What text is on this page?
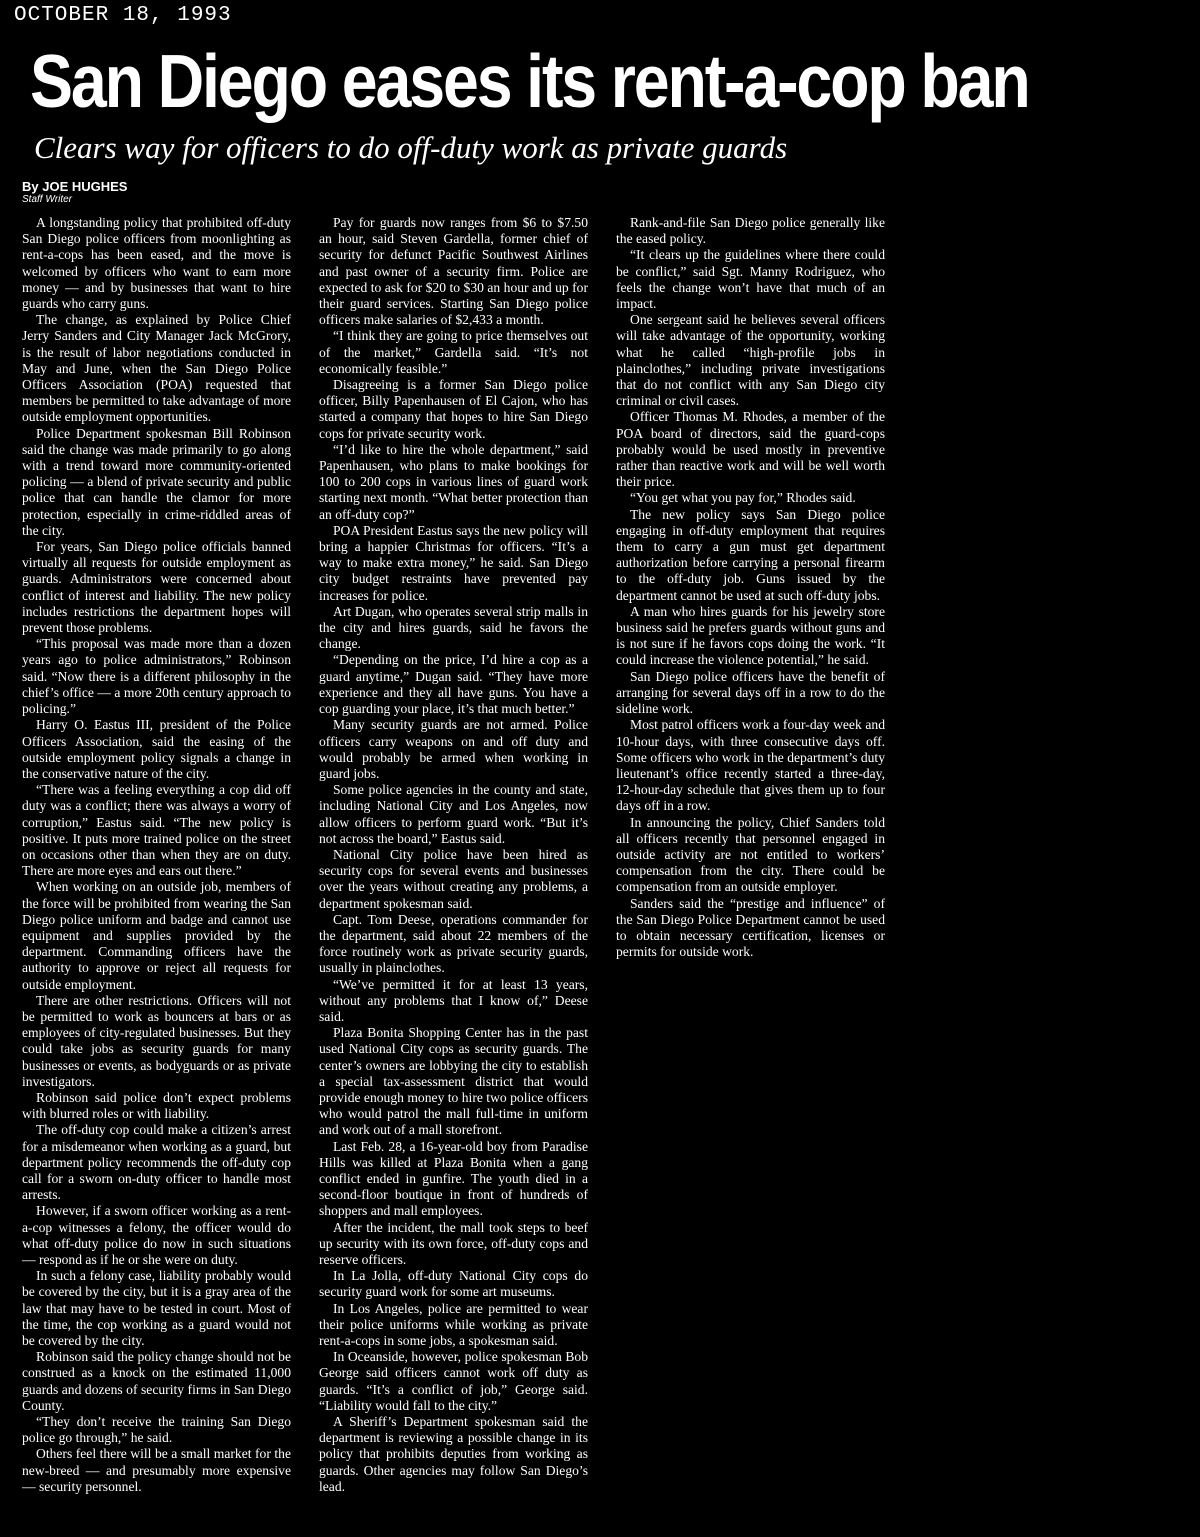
OCTOBER 18, 1993
San Diego eases its rent-a-cop ban
Clears way for officers to do off-duty work as private guards
By JOE HUGHES
Staff Writer

A longstanding policy that prohibited off-duty San Diego police officers from moonlighting as rent-a-cops has been eased, and the move is welcomed by officers who want to earn more money — and by businesses that want to hire guards who carry guns.

The change, as explained by Police Chief Jerry Sanders and City Manager Jack McGrory, is the result of labor negotiations conducted in May and June, when the San Diego Police Officers Association (POA) requested that members be permitted to take advantage of more outside employment opportunities.

Police Department spokesman Bill Robinson said the change was made primarily to go along with a trend toward more community-oriented policing — a blend of private security and public police that can handle the clamor for more protection, especially in crime-riddled areas of the city.

For years, San Diego police officials banned virtually all requests for outside employment as guards. Administrators were concerned about conflict of interest and liability. The new policy includes restrictions the department hopes will prevent those problems.

“This proposal was made more than a dozen years ago to police administrators,” Robinson said. “Now there is a different philosophy in the chief’s office — a more 20th century approach to policing.”

Harry O. Eastus III, president of the Police Officers Association, said the easing of the outside employment policy signals a change in the conservative nature of the city.

“There was a feeling everything a cop did off duty was a conflict; there was always a worry of corruption,” Eastus said. “The new policy is positive. It puts more trained police on the street on occasions other than when they are on duty. There are more eyes and ears out there.”

When working on an outside job, members of the force will be prohibited from wearing the San Diego police uniform and badge and cannot use equipment and supplies provided by the department. Commanding officers have the authority to approve or reject all requests for outside employment.

There are other restrictions. Officers will not be permitted to work as bouncers at bars or as employees of city-regulated businesses. But they could take jobs as security guards for many businesses or events, as bodyguards or as private investigators.

Robinson said police don’t expect problems with blurred roles or with liability.

The off-duty cop could make a citizen’s arrest for a misdemeanor when working as a guard, but department policy recommends the off-duty cop call for a sworn on-duty officer to handle most arrests.

However, if a sworn officer working as a rent-a-cop witnesses a felony, the officer would do what off-duty police do now in such situations — respond as if he or she were on duty.

In such a felony case, liability probably would be covered by the city, but it is a gray area of the law that may have to be tested in court. Most of the time, the cop working as a guard would not be covered by the city.

Robinson said the policy change should not be construed as a knock on the estimated 11,000 guards and dozens of security firms in San Diego County.

“They don’t receive the training San Diego police go through,” he said.

Others feel there will be a small market for the new-breed — and presumably more expensive — security personnel.

Pay for guards now ranges from $6 to $7.50 an hour, said Steven Gardella, former chief of security for defunct Pacific Southwest Airlines and past owner of a security firm. Police are expected to ask for $20 to $30 an hour and up for their guard services. Starting San Diego police officers make salaries of $2,433 a month.

“I think they are going to price themselves out of the market,” Gardella said. “It’s not economically feasible.”

Disagreeing is a former San Diego police officer, Billy Papenhausen of El Cajon, who has started a company that hopes to hire San Diego cops for private security work.

“I’d like to hire the whole department,” said Papenhausen, who plans to make bookings for 100 to 200 cops in various lines of guard work starting next month. “What better protection than an off-duty cop?”

POA President Eastus says the new policy will bring a happier Christmas for officers. “It’s a way to make extra money,” he said. San Diego city budget restraints have prevented pay increases for police.

Art Dugan, who operates several strip malls in the city and hires guards, said he favors the change.

“Depending on the price, I’d hire a cop as a guard anytime,” Dugan said. “They have more experience and they all have guns. You have a cop guarding your place, it’s that much better.”

Many security guards are not armed. Police officers carry weapons on and off duty and would probably be armed when working in guard jobs.

Some police agencies in the county and state, including National City and Los Angeles, now allow officers to perform guard work. “But it’s not across the board,” Eastus said.

National City police have been hired as security cops for several events and businesses over the years without creating any problems, a department spokesman said.

Capt. Tom Deese, operations commander for the department, said about 22 members of the force routinely work as private security guards, usually in plainclothes.

“We’ve permitted it for at least 13 years, without any problems that I know of,” Deese said.

Plaza Bonita Shopping Center has in the past used National City cops as security guards. The center’s owners are lobbying the city to establish a special tax-assessment district that would provide enough money to hire two police officers who would patrol the mall full-time in uniform and work out of a mall storefront.

Last Feb. 28, a 16-year-old boy from Paradise Hills was killed at Plaza Bonita when a gang conflict ended in gunfire. The youth died in a second-floor boutique in front of hundreds of shoppers and mall employees.

After the incident, the mall took steps to beef up security with its own force, off-duty cops and reserve officers.

In La Jolla, off-duty National City cops do security guard work for some art museums.

In Los Angeles, police are permitted to wear their police uniforms while working as private rent-a-cops in some jobs, a spokesman said.

In Oceanside, however, police spokesman Bob George said officers cannot work off duty as guards. “It’s a conflict of job,” George said. “Liability would fall to the city.”

A Sheriff’s Department spokesman said the department is reviewing a possible change in its policy that prohibits deputies from working as guards. Other agencies may follow San Diego’s lead.

Rank-and-file San Diego police generally like the eased policy.

“It clears up the guidelines where there could be conflict,” said Sgt. Manny Rodriguez, who feels the change won’t have that much of an impact.

One sergeant said he believes several officers will take advantage of the opportunity, working what he called “high-profile jobs in plainclothes,” including private investigations that do not conflict with any San Diego city criminal or civil cases.

Officer Thomas M. Rhodes, a member of the POA board of directors, said the guard-cops probably would be used mostly in preventive rather than reactive work and will be well worth their price.

“You get what you pay for,” Rhodes said.

The new policy says San Diego police engaging in off-duty employment that requires them to carry a gun must get department authorization before carrying a personal firearm to the off-duty job. Guns issued by the department cannot be used at such off-duty jobs.

A man who hires guards for his jewelry store business said he prefers guards without guns and is not sure if he favors cops doing the work. “It could increase the violence potential,” he said.

San Diego police officers have the benefit of arranging for several days off in a row to do the sideline work.

Most patrol officers work a four-day week and 10-hour days, with three consecutive days off. Some officers who work in the department’s duty lieutenant’s office recently started a three-day, 12-hour-day schedule that gives them up to four days off in a row.

In announcing the policy, Chief Sanders told all officers recently that personnel engaged in outside activity are not entitled to workers’ compensation from the city. There could be compensation from an outside employer.

Sanders said the “prestige and influence” of the San Diego Police Department cannot be used to obtain necessary certification, licenses or permits for outside work.
